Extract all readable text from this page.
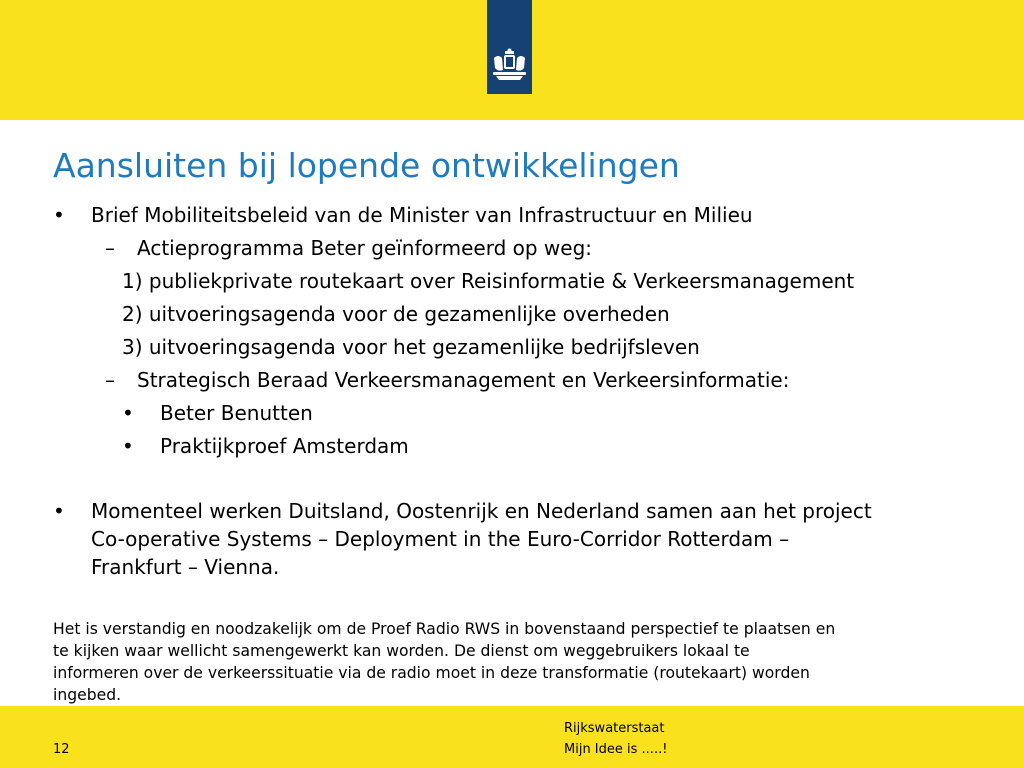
Aansluiten bij lopende ontwikkelingen
• Brief Mobiliteitsbeleid van de Minister van Infrastructuur en Milieu
– Actieprogramma Beter geïnformeerd op weg:
1) publiekprivate routekaart over Reisinformatie & Verkeersmanagement
2) uitvoeringsagenda voor de gezamenlijke overheden
3) uitvoeringsagenda voor het gezamenlijke bedrijfsleven
– Strategisch Beraad Verkeersmanagement en Verkeersinformatie:
• Beter Benutten
• Praktijkproef Amsterdam
• Momenteel werken Duitsland, Oostenrijk en Nederland samen aan het project
Co-operative Systems – Deployment in the Euro-Corridor Rotterdam –
Frankfurt – Vienna.
Het is verstandig en noodzakelijk om de Proef Radio RWS in bovenstaand perspectief te plaatsen en
te kijken waar wellicht samengewerkt kan worden. De dienst om weggebruikers lokaal te
informeren over de verkeerssituatie via de radio moet in deze transformatie (routekaart) worden
ingebed.
12
Rijkswaterstaat
Mijn Idee is .....!
